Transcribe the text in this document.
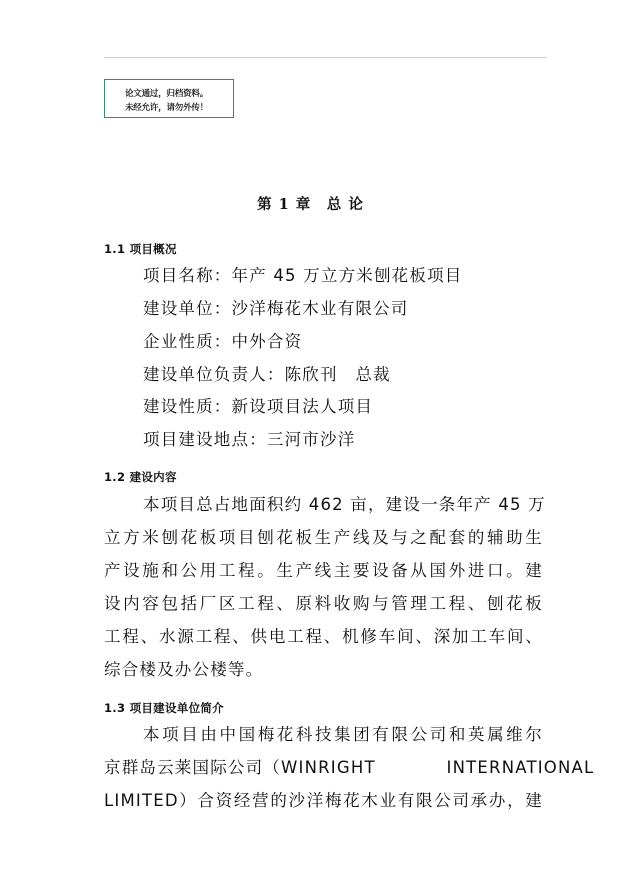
论文通过，归档资料。
未经允许，请勿外传！
第 1 章　总 论
1.1 项目概况
项目名称：年产 45 万立方米刨花板项目
建设单位：沙洋梅花木业有限公司
企业性质：中外合资
建设单位负责人：陈欣刊　总裁
建设性质：新设项目法人项目
项目建设地点：三河市沙洋
1.2 建设内容
本项目总占地面积约 462 亩，建设一条年产 45 万
立方米刨花板项目刨花板生产线及与之配套的辅助生
产设施和公用工程。生产线主要设备从国外进口。建
设内容包括厂区工程、原料收购与管理工程、刨花板
工程、水源工程、供电工程、机修车间、深加工车间、
综合楼及办公楼等。
1.3 项目建设单位简介
本项目由中国梅花科技集团有限公司和英属维尔
京群岛云莱国际公司（WINRIGHT　　　　INTERNATIONAL
LIMITED）合资经营的沙洋梅花木业有限公司承办，建
